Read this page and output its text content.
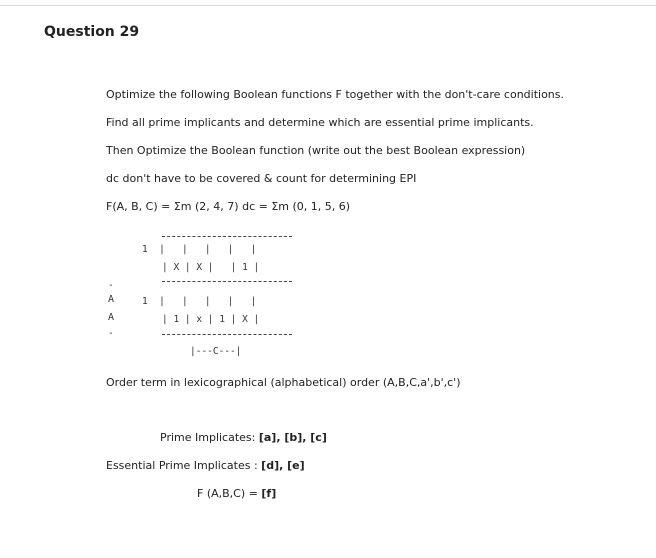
Question 29
Optimize the following Boolean functions F together with the don't-care conditions.
Find all prime implicants and determine which are essential prime implicants.
Then Optimize the Boolean function (write out the best Boolean expression)
dc don't have to be covered & count for determining EPI
F(A, B, C) = Σm (2, 4, 7) dc = Σm (0, 1, 5, 6)
1  |   |   |   |   |
| X | X |   | 1 |
A
A
-
-
1  |   |   |   |   |
| 1 | x | 1 | X |
|---C---|
Order term in lexicographical (alphabetical) order (A,B,C,a',b',c')
Prime Implicates: [a], [b], [c]
Essential Prime Implicates : [d], [e]
F (A,B,C) = [f]
